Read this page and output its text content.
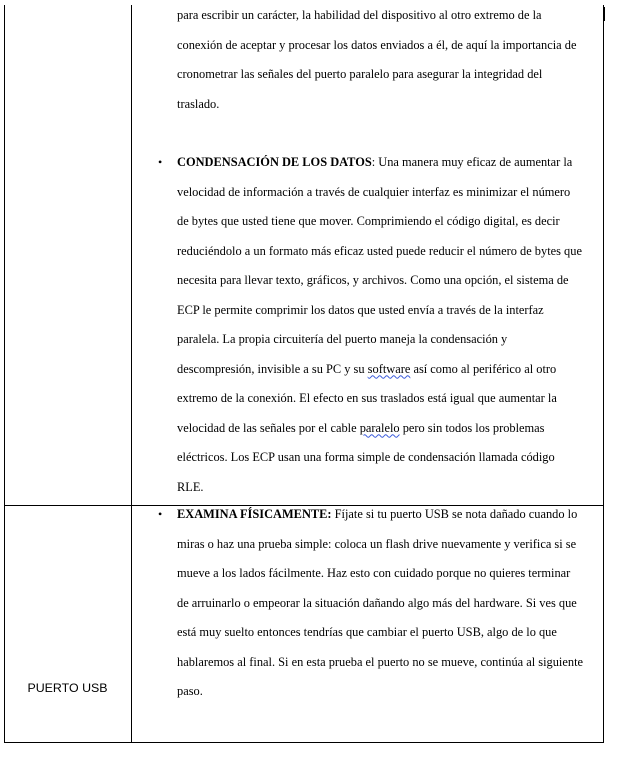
para escribir un carácter, la habilidad del dispositivo al otro extremo de la
conexión de aceptar y procesar los datos enviados a él, de aquí la importancia de
cronometrar las señales del puerto paralelo para asegurar la integridad del
traslado.
• CONDENSACIÓN DE LOS DATOS: Una manera muy eficaz de aumentar la
velocidad de información a través de cualquier interfaz es minimizar el número
de bytes que usted tiene que mover. Comprimiendo el código digital, es decir
reduciéndolo a un formato más eficaz usted puede reducir el número de bytes que
necesita para llevar texto, gráficos, y archivos. Como una opción, el sistema de
ECP le permite comprimir los datos que usted envía a través de la interfaz
paralela. La propia circuitería del puerto maneja la condensación y
descompresión, invisible a su PC y su software así como al periférico al otro
extremo de la conexión. El efecto en sus traslados está igual que aumentar la
velocidad de las señales por el cable paralelo pero sin todos los problemas
eléctricos. Los ECP usan una forma simple de condensación llamada código
RLE.
PUERTO USB
• EXAMINA FÍSICAMENTE: Fíjate si tu puerto USB se nota dañado cuando lo
miras o haz una prueba simple: coloca un flash drive nuevamente y verifica si se
mueve a los lados fácilmente. Haz esto con cuidado porque no quieres terminar
de arruinarlo o empeorar la situación dañando algo más del hardware. Si ves que
está muy suelto entonces tendrías que cambiar el puerto USB, algo de lo que
hablaremos al final. Si en esta prueba el puerto no se mueve, continúa al siguiente
paso.
